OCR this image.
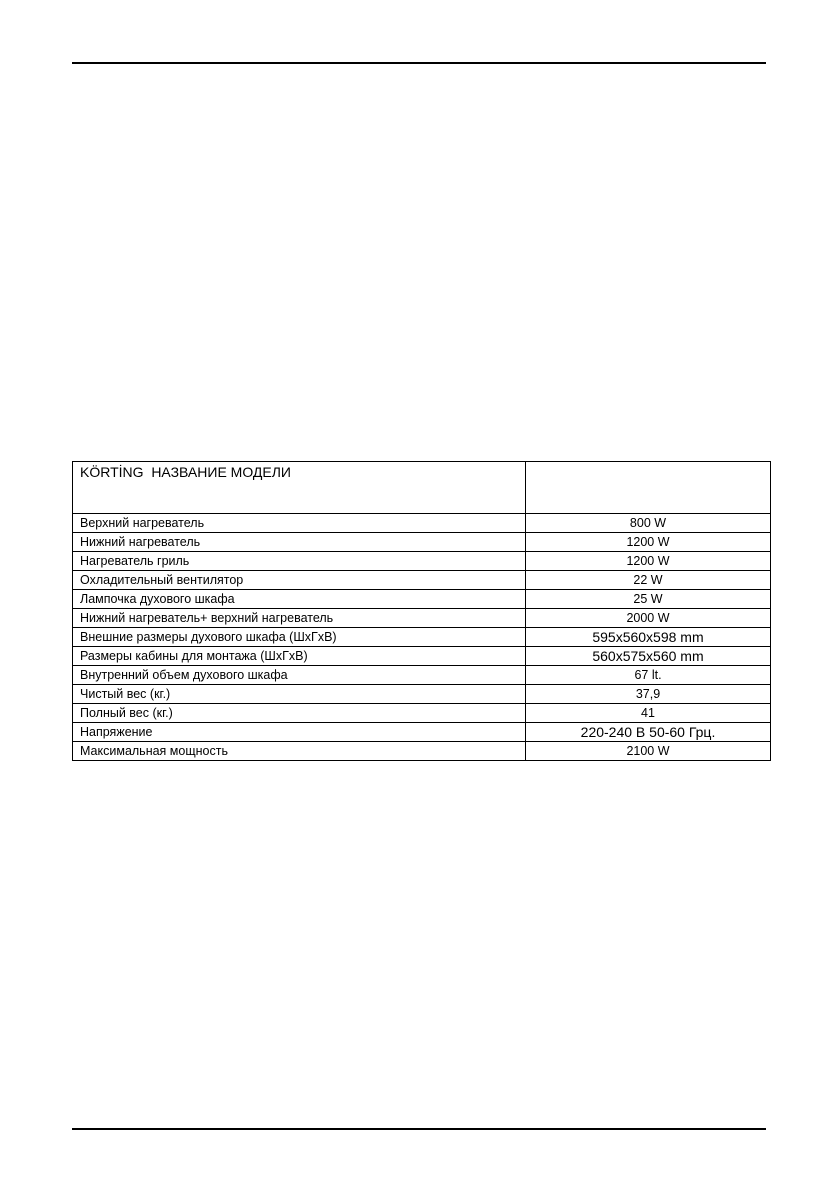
KÖRTİNG НАЗВАНИЕ МОДЕЛИ	
Верхний нагреватель	800 W
Нижний нагреватель	1200 W
Нагреватель гриль	1200 W
Охладительный вентилятор	22 W
Лампочка духового шкафа	25 W
Нижний нагреватель+ верхний нагреватель	2000 W
Внешние размеры духового шкафа (ШхГхВ)	595x560x598 mm
Размеры кабины для монтажа (ШхГхВ)	560x575x560 mm
Внутренний объем духового шкафа	67 lt.
Чистый вес (кг.)	37,9
Полный вес (кг.)	41
Напряжение	220-240 В 50-60 Грц.
Максимальная мощность	2100 W
